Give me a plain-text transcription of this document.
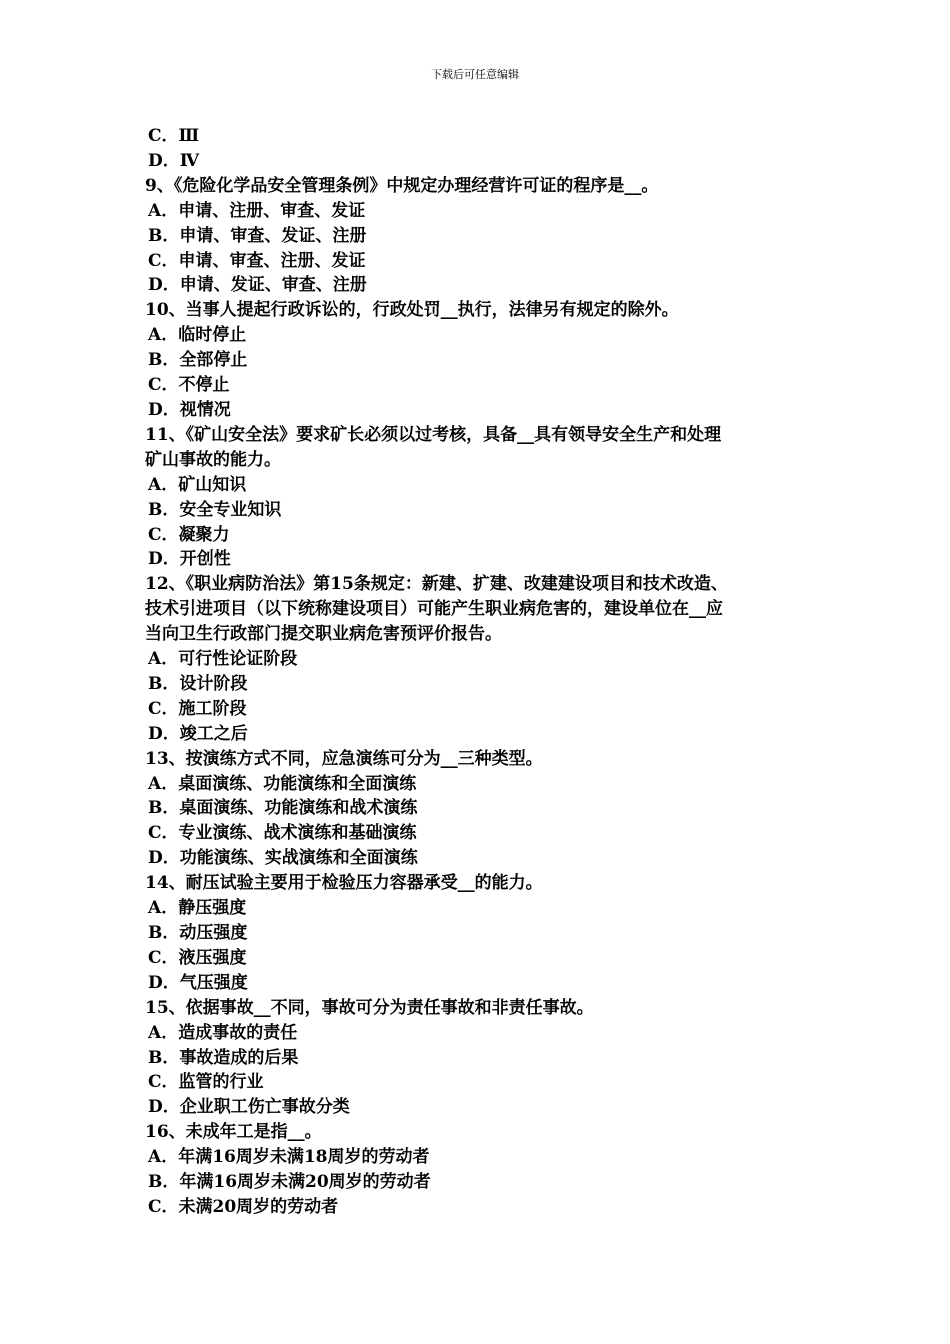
下载后可任意编辑
C．Ⅲ
D．Ⅳ
9、《危险化学品安全管理条例》中规定办理经营许可证的程序是__。
A．申请、注册、审查、发证
B．申请、审查、发证、注册
C．申请、审查、注册、发证
D．申请、发证、审查、注册
10、当事人提起行政诉讼的，行政处罚__执行，法律另有规定的除外。
A．临时停止
B．全部停止
C．不停止
D．视情况
11、《矿山安全法》要求矿长必须以过考核，具备__具有领导安全生产和处理
矿山事故的能力。
A．矿山知识
B．安全专业知识
C．凝聚力
D．开创性
12、《职业病防治法》第15条规定：新建、扩建、改建建设项目和技术改造、
技术引进项目（以下统称建设项目）可能产生职业病危害的，建设单位在__应
当向卫生行政部门提交职业病危害预评价报告。
A．可行性论证阶段
B．设计阶段
C．施工阶段
D．竣工之后
13、按演练方式不同，应急演练可分为__三种类型。
A．桌面演练、功能演练和全面演练
B．桌面演练、功能演练和战术演练
C．专业演练、战术演练和基础演练
D．功能演练、实战演练和全面演练
14、耐压试验主要用于检验压力容器承受__的能力。
A．静压强度
B．动压强度
C．液压强度
D．气压强度
15、依据事故__不同，事故可分为责任事故和非责任事故。
A．造成事故的责任
B．事故造成的后果
C．监管的行业
D．企业职工伤亡事故分类
16、未成年工是指__。
A．年满16周岁未满18周岁的劳动者
B．年满16周岁未满20周岁的劳动者
C．未满20周岁的劳动者
